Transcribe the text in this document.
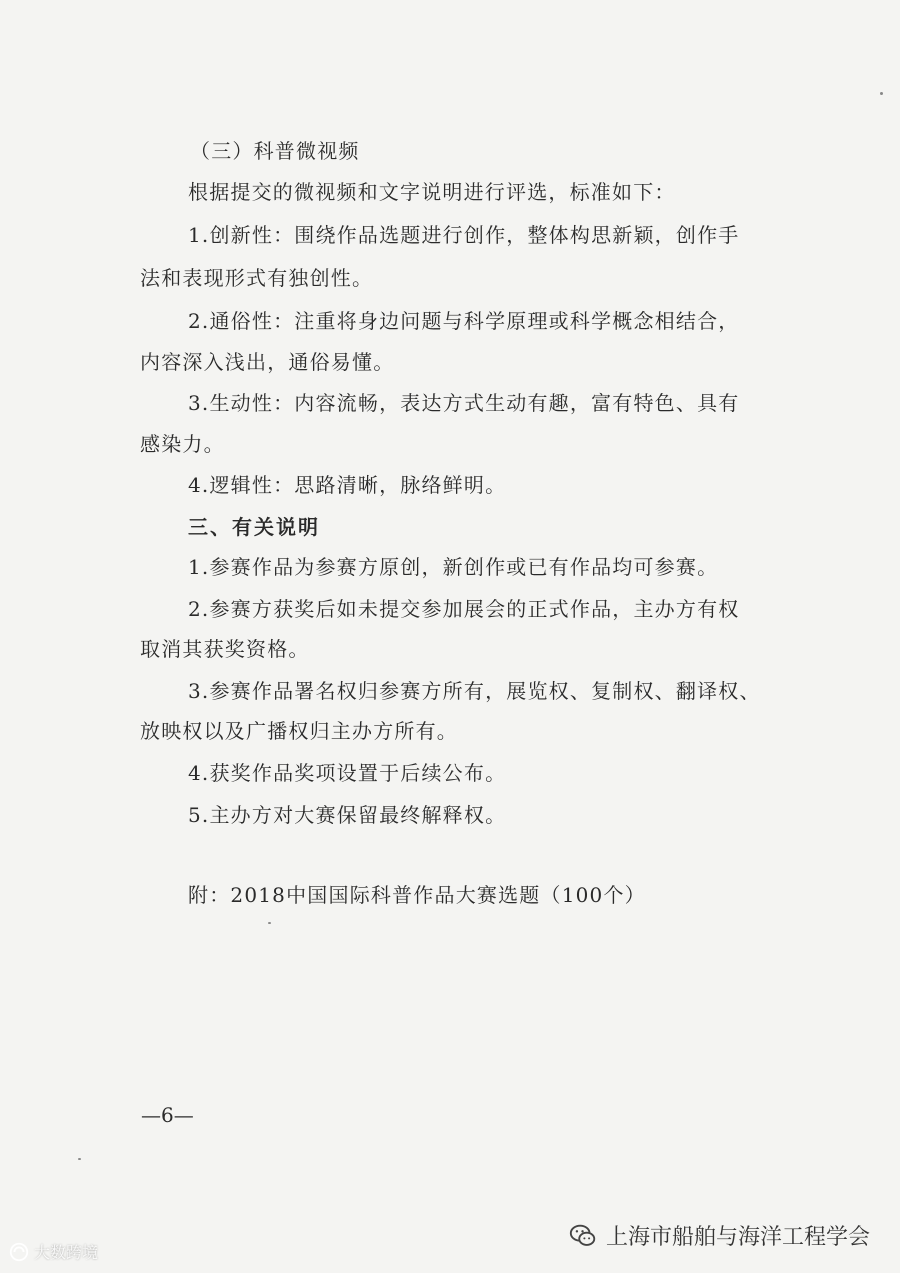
（三）科普微视频
根据提交的微视频和文字说明进行评选，标准如下：
1.创新性：围绕作品选题进行创作，整体构思新颖，创作手
法和表现形式有独创性。
2.通俗性：注重将身边问题与科学原理或科学概念相结合，
内容深入浅出，通俗易懂。
3.生动性：内容流畅，表达方式生动有趣，富有特色、具有
感染力。
4.逻辑性：思路清晰，脉络鲜明。
三、有关说明
1.参赛作品为参赛方原创，新创作或已有作品均可参赛。
2.参赛方获奖后如未提交参加展会的正式作品，主办方有权
取消其获奖资格。
3.参赛作品署名权归参赛方所有，展览权、复制权、翻译权、
放映权以及广播权归主办方所有。
4.获奖作品奖项设置于后续公布。
5.主办方对大赛保留最终解释权。
附：2018中国国际科普作品大赛选题（100个）
—6—
大数跨境
上海市船舶与海洋工程学会
